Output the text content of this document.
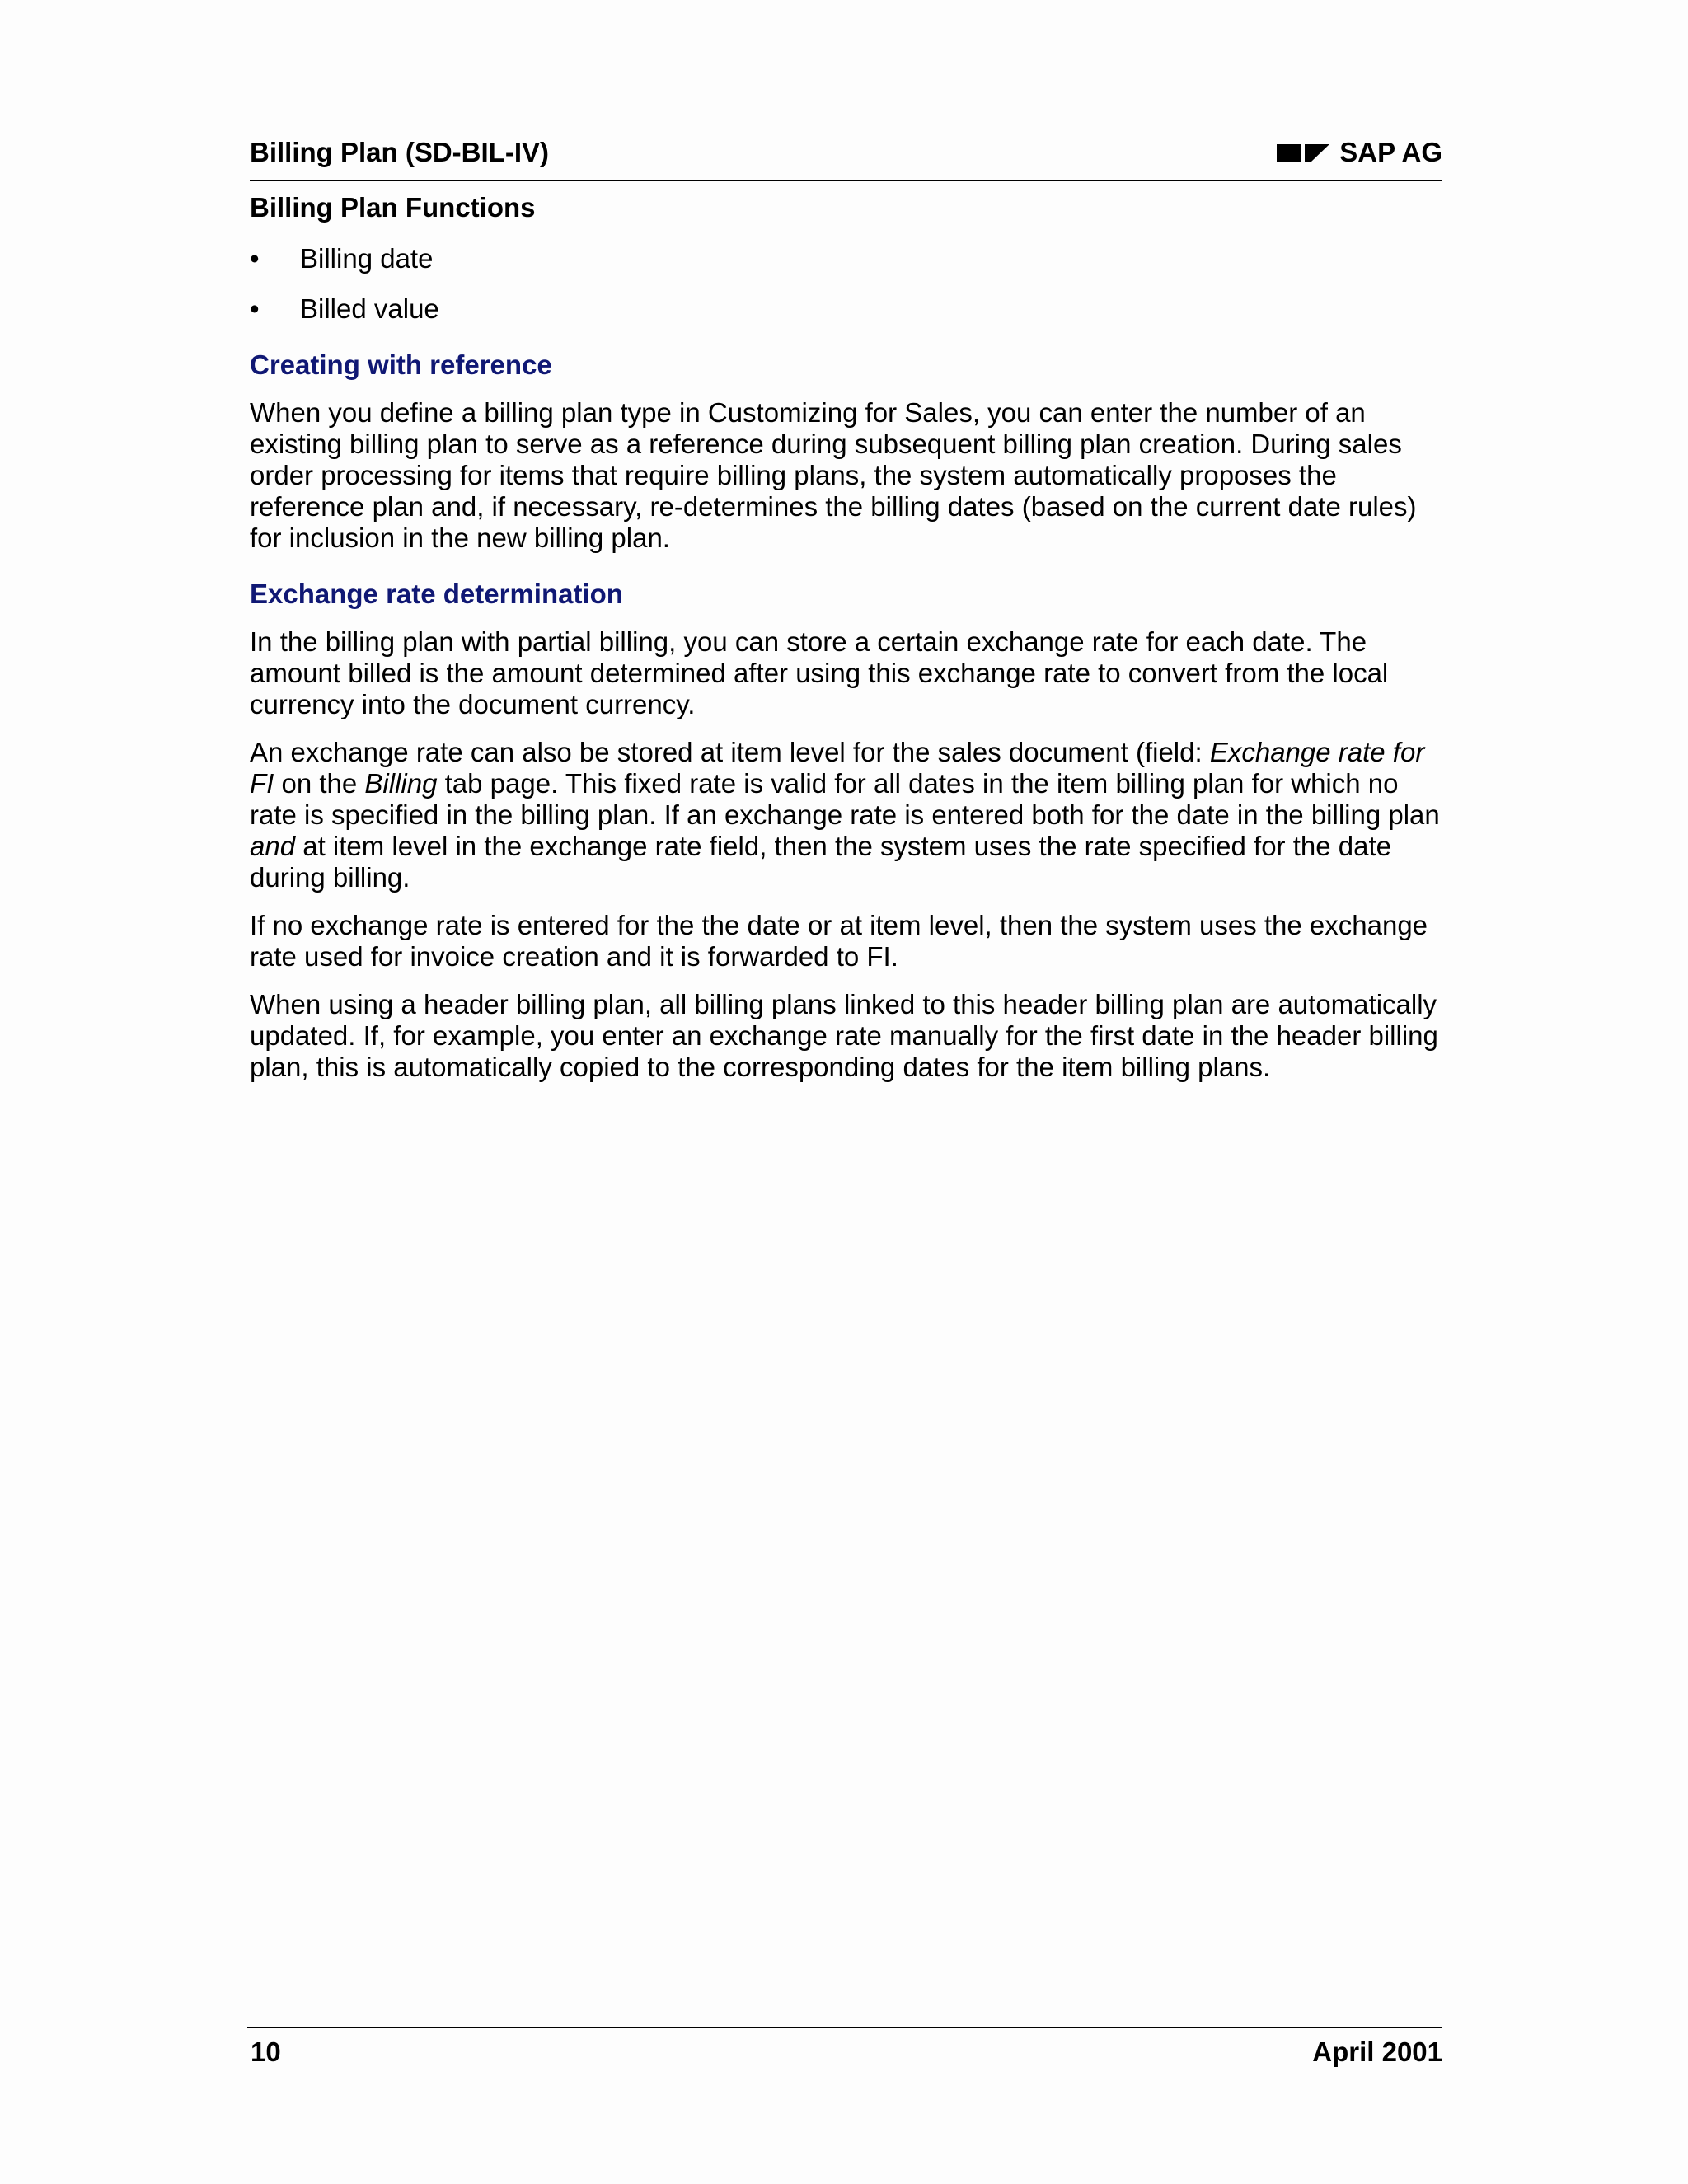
Billing Plan (SD-BIL-IV)	SAP AG
Billing Plan Functions
• Billing date
• Billed value
Creating with reference

When you define a billing plan type in Customizing for Sales, you can enter the number of an existing billing plan to serve as a reference during subsequent billing plan creation. During sales order processing for items that require billing plans, the system automatically proposes the reference plan and, if necessary, re-determines the billing dates (based on the current date rules) for inclusion in the new billing plan.

Exchange rate determination

In the billing plan with partial billing, you can store a certain exchange rate for each date. The amount billed is the amount determined after using this exchange rate to convert from the local currency into the document currency.

An exchange rate can also be stored at item level for the sales document (field: Exchange rate for FI on the Billing tab page. This fixed rate is valid for all dates in the item billing plan for which no rate is specified in the billing plan. If an exchange rate is entered both for the date in the billing plan and at item level in the exchange rate field, then the system uses the rate specified for the date during billing.

If no exchange rate is entered for the the date or at item level, then the system uses the exchange rate used for invoice creation and it is forwarded to FI.

When using a header billing plan, all billing plans linked to this header billing plan are automatically updated. If, for example, you enter an exchange rate manually for the first date in the header billing plan, this is automatically copied to the corresponding dates for the item billing plans.

10	April 2001
